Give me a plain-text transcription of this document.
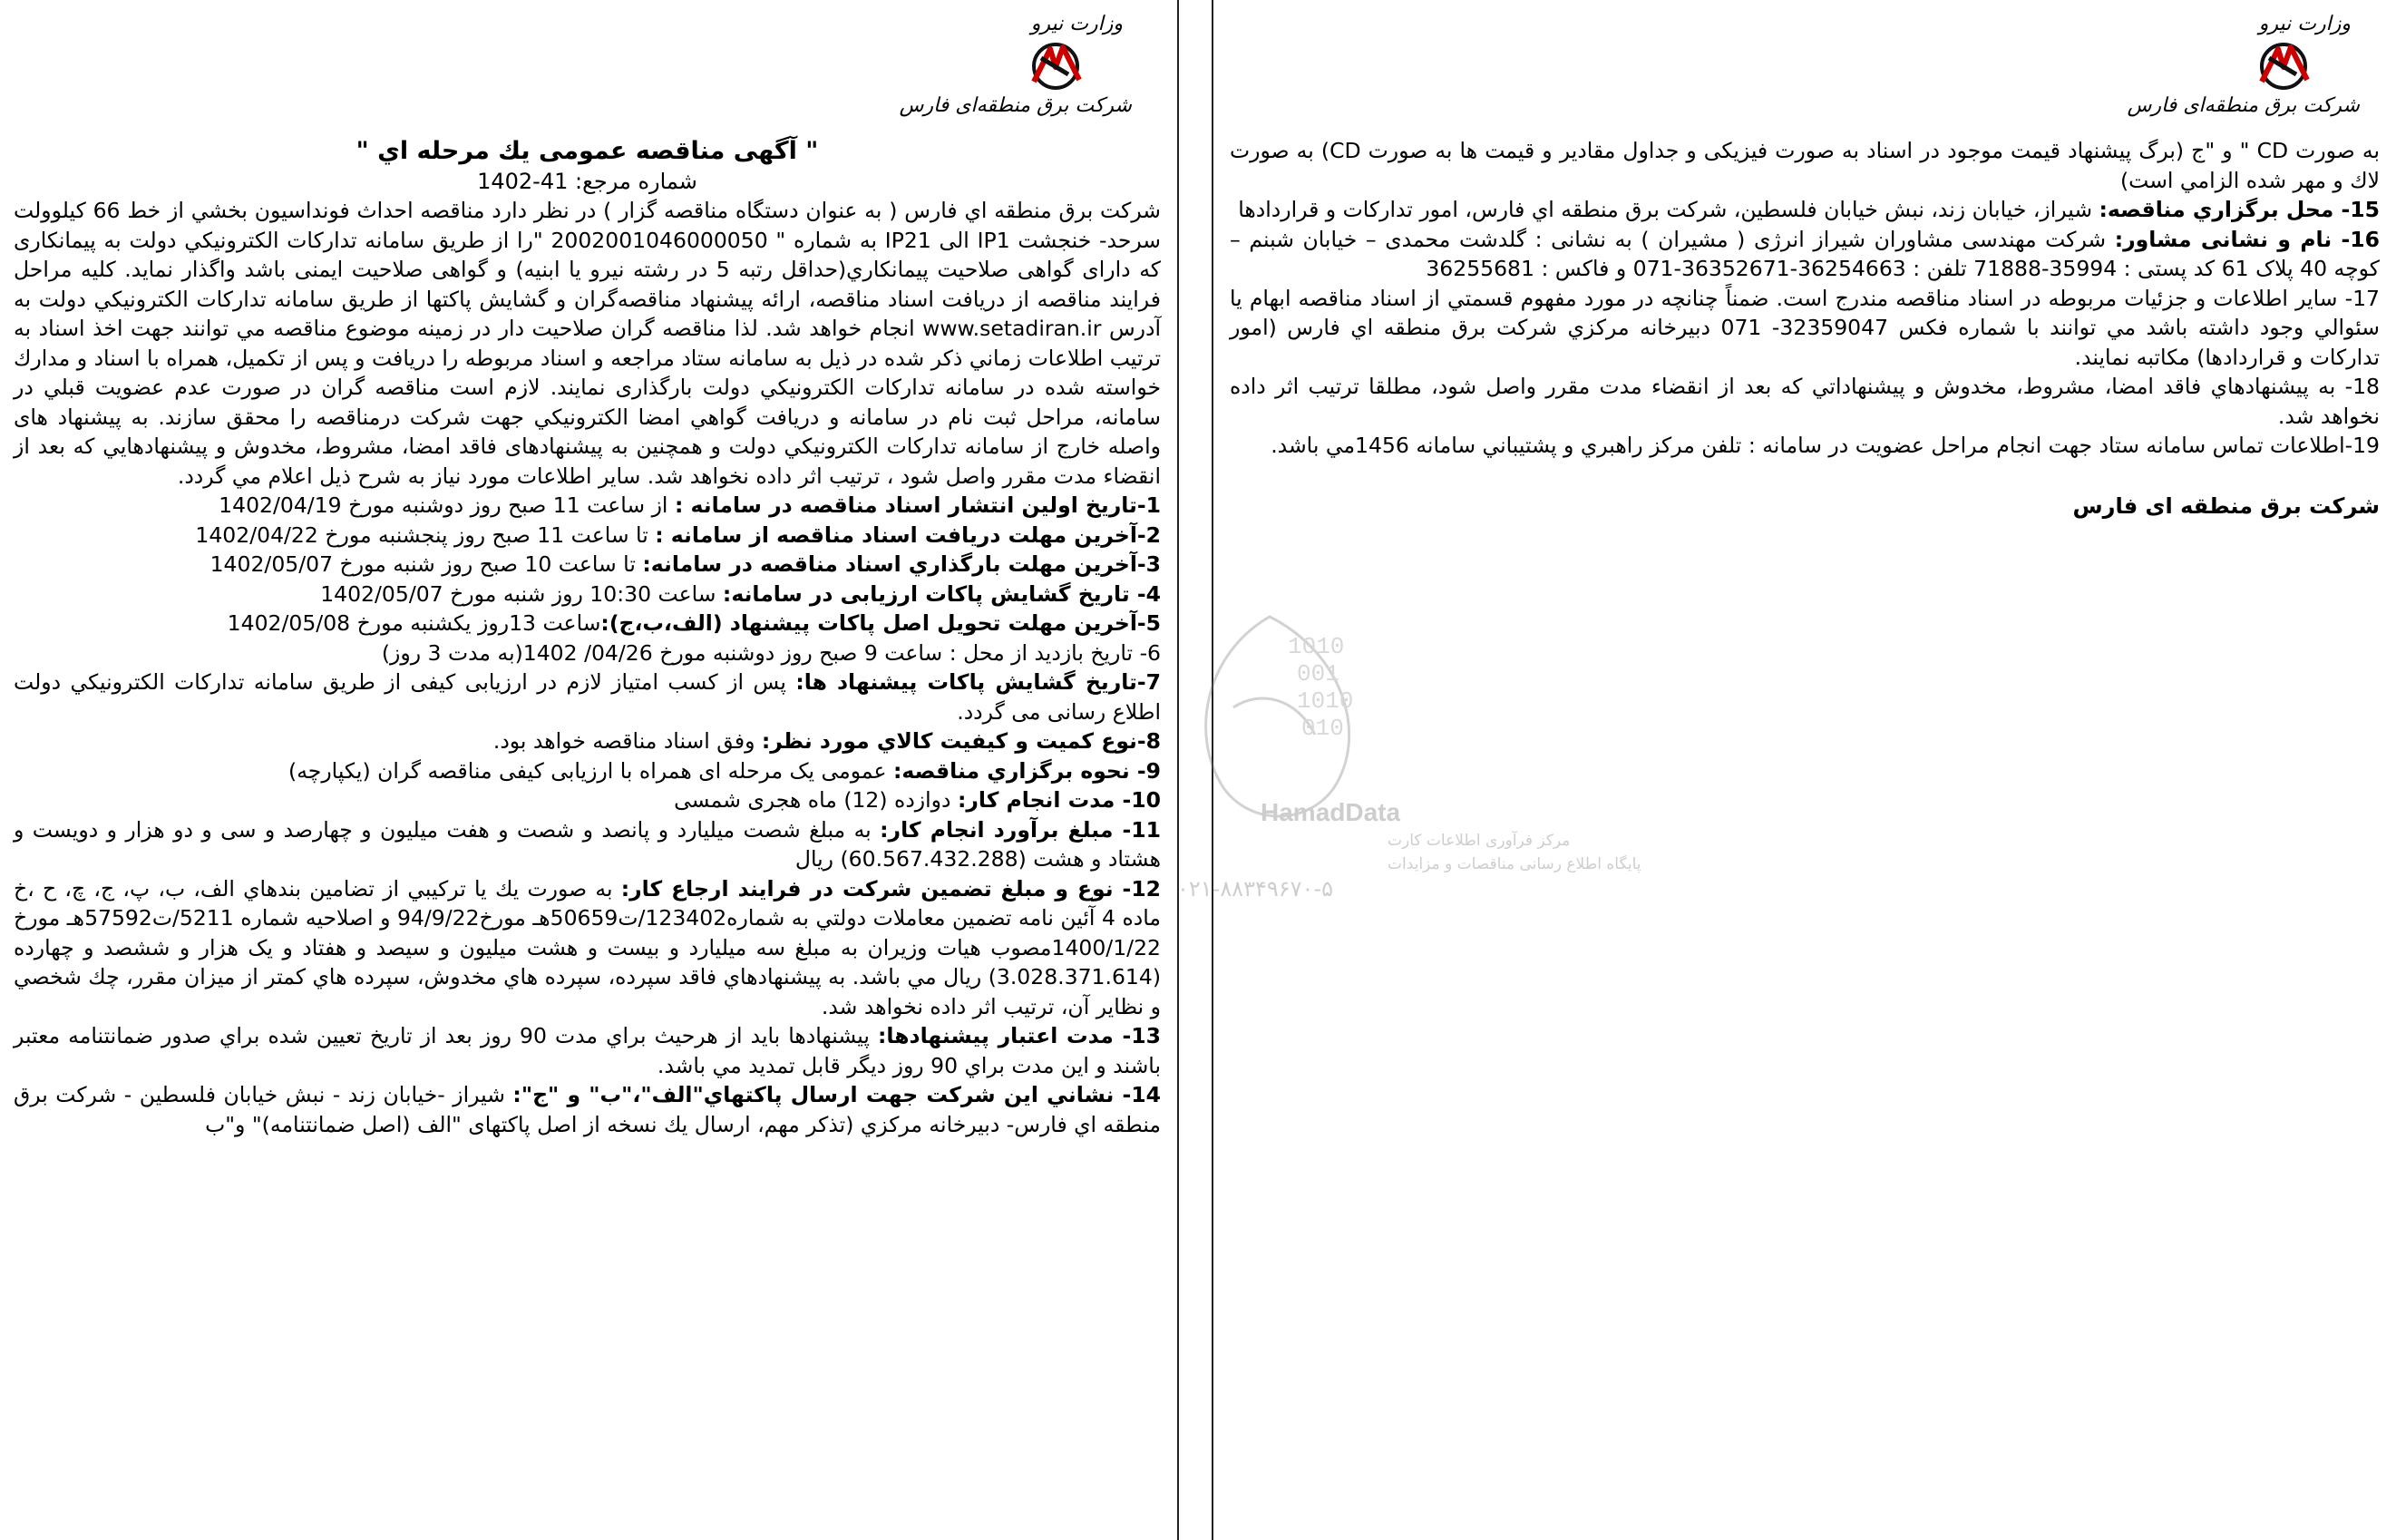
وزارت نیرو
شرکت برق منطقه‌ای فارس
" آگهی مناقصه عمومی يك مرحله اي "
شماره مرجع: 41-1402

شرکت برق منطقه اي فارس ( به عنوان دستگاه مناقصه گزار ) در نظر دارد مناقصه احداث فونداسيون بخشي از خط 66 کيلوولت سرحد- خنجشت IP1 الی IP21 به شماره " 2002001046000050 "را از طريق سامانه تداركات الكترونيكي دولت به پيمانکاری که دارای گواهی صلاحيت پيمانكاري(حداقل رتبه 5 در رشته نيرو يا ابنيه) و گواهی صلاحيت ايمنی باشد واگذار نمايد. كليه مراحل فرايند مناقصه از دريافت اسناد مناقصه، ارائه پيشنهاد مناقصه‌گران و گشايش پاکتها از طريق سامانه تداركات الكترونيكي دولت به آدرس www.setadiran.ir انجام خواهد شد. لذا مناقصه گران صلاحيت دار در زمينه موضوع مناقصه مي توانند جهت اخذ اسناد به ترتيب اطلاعات زماني ذكر شده در ذيل به سامانه ستاد مراجعه و اسناد مربوطه را دريافت و پس از تكميل، همراه با اسناد و مدارك خواسته شده در سامانه تداركات الكترونيكي دولت بارگذاری نمايند. لازم است مناقصه گران در صورت عدم عضويت قبلي در سامانه، مراحل ثبت نام در سامانه و دريافت گواهي امضا الكترونيكي جهت شركت درمناقصه را محقق سازند. به پيشنهاد های واصله خارج از سامانه تداركات الكترونيكي دولت و همچنين به پيشنهادهاى فاقد امضا، مشروط، مخدوش و پيشنهادهايي كه بعد از انقضاء مدت مقرر واصل شود ، ترتيب اثر داده نخواهد شد. ساير اطلاعات مورد نياز به شرح ذيل اعلام مي گردد.

1-تاريخ اولين انتشار اسناد مناقصه در سامانه : از ساعت 11 صبح روز دوشنبه مورخ 1402/04/19

2-آخرين مهلت دريافت اسناد مناقصه از سامانه : تا ساعت 11 صبح روز پنجشنبه مورخ 1402/04/22

3-آخرين مهلت بارگذاري اسناد مناقصه در سامانه: تا ساعت 10 صبح روز شنبه مورخ 1402/05/07

4- تاريخ گشايش پاكات ارزيابی در سامانه: ساعت 10:30 روز شنبه مورخ 1402/05/07

5-آخرين مهلت تحويل اصل پاكات پيشنهاد (الف،ب،ج):ساعت 13روز يكشنبه مورخ 1402/05/08

6- تاریخ بازدید از محل : ساعت 9 صبح روز دوشنبه مورخ 04/26/ 1402(به مدت 3 روز)

7-تاريخ گشايش پاكات پيشنهاد ها: پس از کسب امتياز لازم در ارزيابی کيفی از طريق سامانه تداركات الكترونيكي دولت اطلاع رسانی می گردد.

8-نوع کميت و کيفيت كالاي مورد نظر: وفق اسناد مناقصه خواهد بود.

9- نحوه برگزاري مناقصه: عمومی یک مرحله ای همراه با ارزيابی کيفی مناقصه گران (يکپارچه)

10- مدت انجام كار: دوازده (12) ماه هجری شمسی

11- مبلغ برآورد انجام كار: به مبلغ شصت ميليارد و پانصد و شصت و هفت ميليون و چهارصد و سی و دو هزار و دويست و هشتاد و هشت (60.567.432.288) ريال

12- نوع و مبلغ تضمين شركت در فرايند ارجاع كار: به صورت يك يا تركيبي از تضامين بندهاي الف، ب، پ، ج، چ، ح ،خ ماده 4 آئين نامه تضمين معاملات دولتي به شماره123402/ت50659هـ مورخ94/9/22 و اصلاحيه شماره 5211/ت57592هـ مورخ 1400/1/22مصوب هيات وزيران به مبلغ سه ميليارد و بيست و هشت ميليون و سيصد و هفتاد و یک هزار و ششصد و چهارده (3.028.371.614) ريال مي باشد. به پيشنهادهاي فاقد سپرده، سپرده هاي مخدوش، سپرده هاي كمتر از ميزان مقرر، چك شخصي و نظاير آن، ترتيب اثر داده نخواهد شد.

13- مدت اعتبار پيشنهادها: پيشنهادها بايد از هرحيث براي مدت 90 روز بعد از تاريخ تعيين شده براي صدور ضمانتنامه معتبر باشند و اين مدت براي 90 روز ديگر قابل تمديد مي باشد.

14- نشاني اين شرکت جهت ارسال پاكتهاي"الف"،"ب" و "ج": شيراز -خيابان زند - نبش خيابان فلسطين - شرکت برق منطقه اي فارس- دبيرخانه مرکزي (تذکر مهم، ارسال يك نسخه از اصل پاکتهای "الف (اصل ضمانتنامه)" و"ب

وزارت نیرو
شرکت برق منطقه‌ای فارس

به صورت CD " و "ج (برگ پيشنهاد قيمت موجود در اسناد به صورت فيزيکی و جداول مقادير و قيمت ها به صورت CD) به صورت لاك و مهر شده الزامي است)

15- محل برگزاري مناقصه: شيراز، خيابان زند، نبش خيابان فلسطين، شركت برق منطقه اي فارس، امور تداركات و قراردادها

16- نام و نشانی مشاور: شرکت مهندسی مشاوران شيراز انرژی ( مشيران ) به نشانی : گلدشت محمدی – خيابان شبنم – كوچه 40 پلاک 61 کد پستی : 35994-71888 تلفن : 36254663-36352671-071 و فاكس : 36255681

17- ساير اطلاعات و جزئيات مربوطه در اسناد مناقصه مندرج است. ضمناً چنانچه در مورد مفهوم قسمتي از اسناد مناقصه ابهام يا سئوالي وجود داشته باشد مي توانند با شماره فكس 32359047- 071 دبيرخانه مركزي شركت برق منطقه اي فارس (امور تداركات و قراردادها) مكاتبه نمايند.

18- به پيشنهادهاي فاقد امضا، مشروط، مخدوش و پيشنهاداتي كه بعد از انقضاء مدت مقرر واصل شود، مطلقا ترتيب اثر داده نخواهد شد.

19-اطلاعات تماس سامانه ستاد جهت انجام مراحل عضويت در سامانه : تلفن مركز راهبري و پشتيباني سامانه 1456مي باشد.

شرکت برق منطقه ای فارس
1010
001
1010
010
HamadData
مرکز فرآوری اطلاعات کارت
پایگاه اطلاع رسانی مناقصات و مزایدات
۰۲۱-۸۸۳۴۹۶۷۰-۵
